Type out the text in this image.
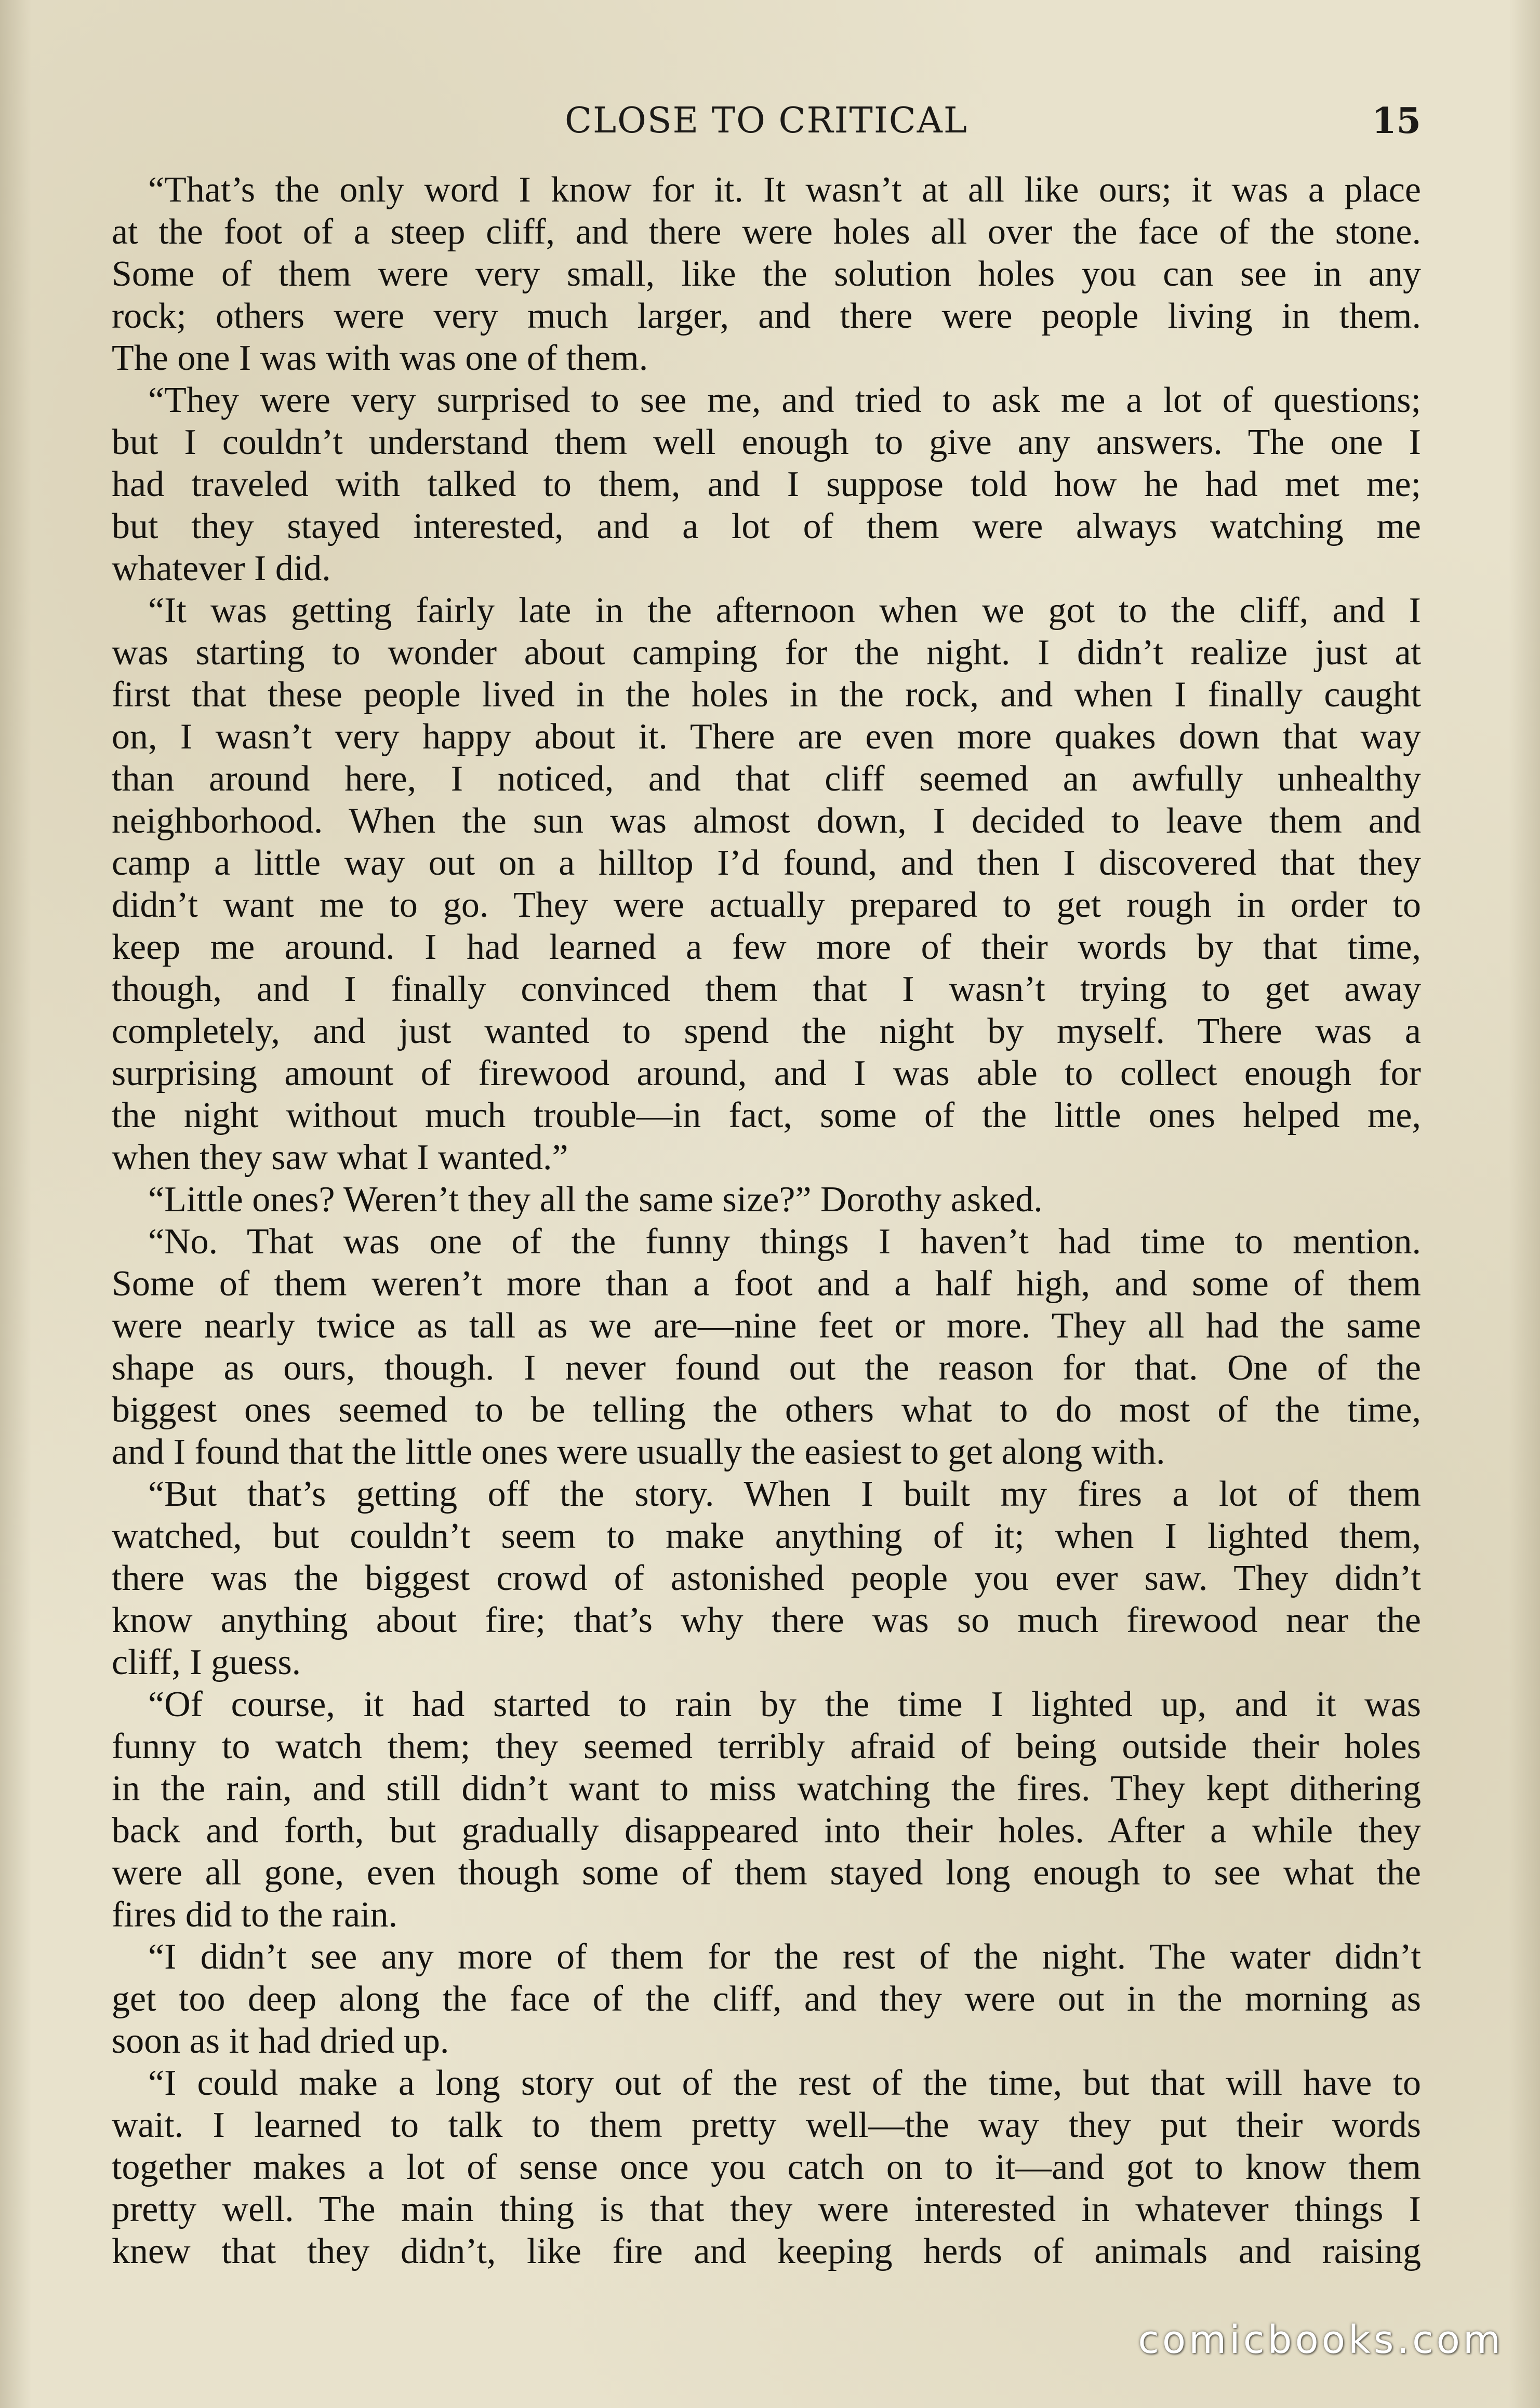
CLOSE TO CRITICAL	15
“That’s the only word I know for it. It wasn’t at all like ours; it was a place
at the foot of a steep cliff, and there were holes all over the face of the stone.
Some of them were very small, like the solution holes you can see in any
rock; others were very much larger, and there were people living in them.
The one I was with was one of them.
“They were very surprised to see me, and tried to ask me a lot of questions;
but I couldn’t understand them well enough to give any answers. The one I
had traveled with talked to them, and I suppose told how he had met me;
but they stayed interested, and a lot of them were always watching me
whatever I did.
“It was getting fairly late in the afternoon when we got to the cliff, and I
was starting to wonder about camping for the night. I didn’t realize just at
first that these people lived in the holes in the rock, and when I finally caught
on, I wasn’t very happy about it. There are even more quakes down that way
than around here, I noticed, and that cliff seemed an awfully unhealthy
neighborhood. When the sun was almost down, I decided to leave them and
camp a little way out on a hilltop I’d found, and then I discovered that they
didn’t want me to go. They were actually prepared to get rough in order to
keep me around. I had learned a few more of their words by that time,
though, and I finally convinced them that I wasn’t trying to get away
completely, and just wanted to spend the night by myself. There was a
surprising amount of firewood around, and I was able to collect enough for
the night without much trouble—in fact, some of the little ones helped me,
when they saw what I wanted.”
“Little ones? Weren’t they all the same size?” Dorothy asked.
“No. That was one of the funny things I haven’t had time to mention.
Some of them weren’t more than a foot and a half high, and some of them
were nearly twice as tall as we are—nine feet or more. They all had the same
shape as ours, though. I never found out the reason for that. One of the
biggest ones seemed to be telling the others what to do most of the time,
and I found that the little ones were usually the easiest to get along with.
“But that’s getting off the story. When I built my fires a lot of them
watched, but couldn’t seem to make anything of it; when I lighted them,
there was the biggest crowd of astonished people you ever saw. They didn’t
know anything about fire; that’s why there was so much firewood near the
cliff, I guess.
“Of course, it had started to rain by the time I lighted up, and it was
funny to watch them; they seemed terribly afraid of being outside their holes
in the rain, and still didn’t want to miss watching the fires. They kept dithering
back and forth, but gradually disappeared into their holes. After a while they
were all gone, even though some of them stayed long enough to see what the
fires did to the rain.
“I didn’t see any more of them for the rest of the night. The water didn’t
get too deep along the face of the cliff, and they were out in the morning as
soon as it had dried up.
“I could make a long story out of the rest of the time, but that will have to
wait. I learned to talk to them pretty well—the way they put their words
together makes a lot of sense once you catch on to it—and got to know them
pretty well. The main thing is that they were interested in whatever things I
knew that they didn’t, like fire and keeping herds of animals and raising
comicbooks.com
